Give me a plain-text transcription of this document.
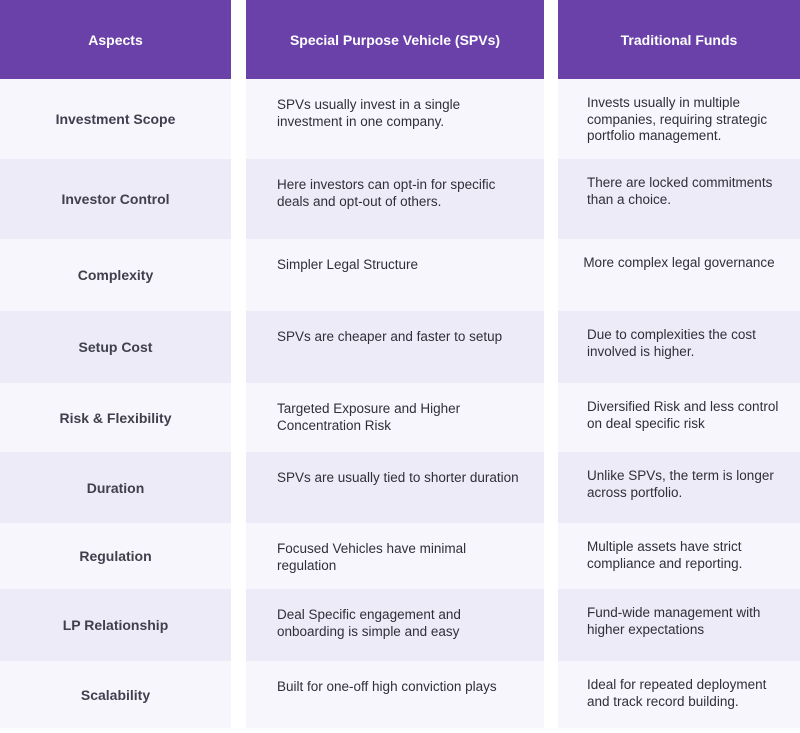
Aspects
Investment Scope
Investor Control
Complexity
Setup Cost
Risk & Flexibility
Duration
Regulation
LP Relationship
Scalability
Special Purpose Vehicle (SPVs)
SPVs usually invest in a single investment in one company.
Here investors can opt-in for specific deals and opt-out of others.
Simpler Legal Structure
SPVs are cheaper and faster to setup
Targeted Exposure and Higher Concentration Risk
SPVs are usually tied to shorter duration
Focused Vehicles have minimal regulation
Deal Specific engagement and onboarding is simple and easy
Built for one-off high conviction plays
Traditional Funds
Invests usually in multiple companies, requiring strategic portfolio management.
There are locked commitments than a choice.
More complex legal governance
Due to complexities the cost involved is higher.
Diversified Risk and less control on deal specific risk
Unlike SPVs, the term is longer across portfolio.
Multiple assets have strict compliance and reporting.
Fund-wide management with higher expectations
Ideal for repeated deployment and track record building.
